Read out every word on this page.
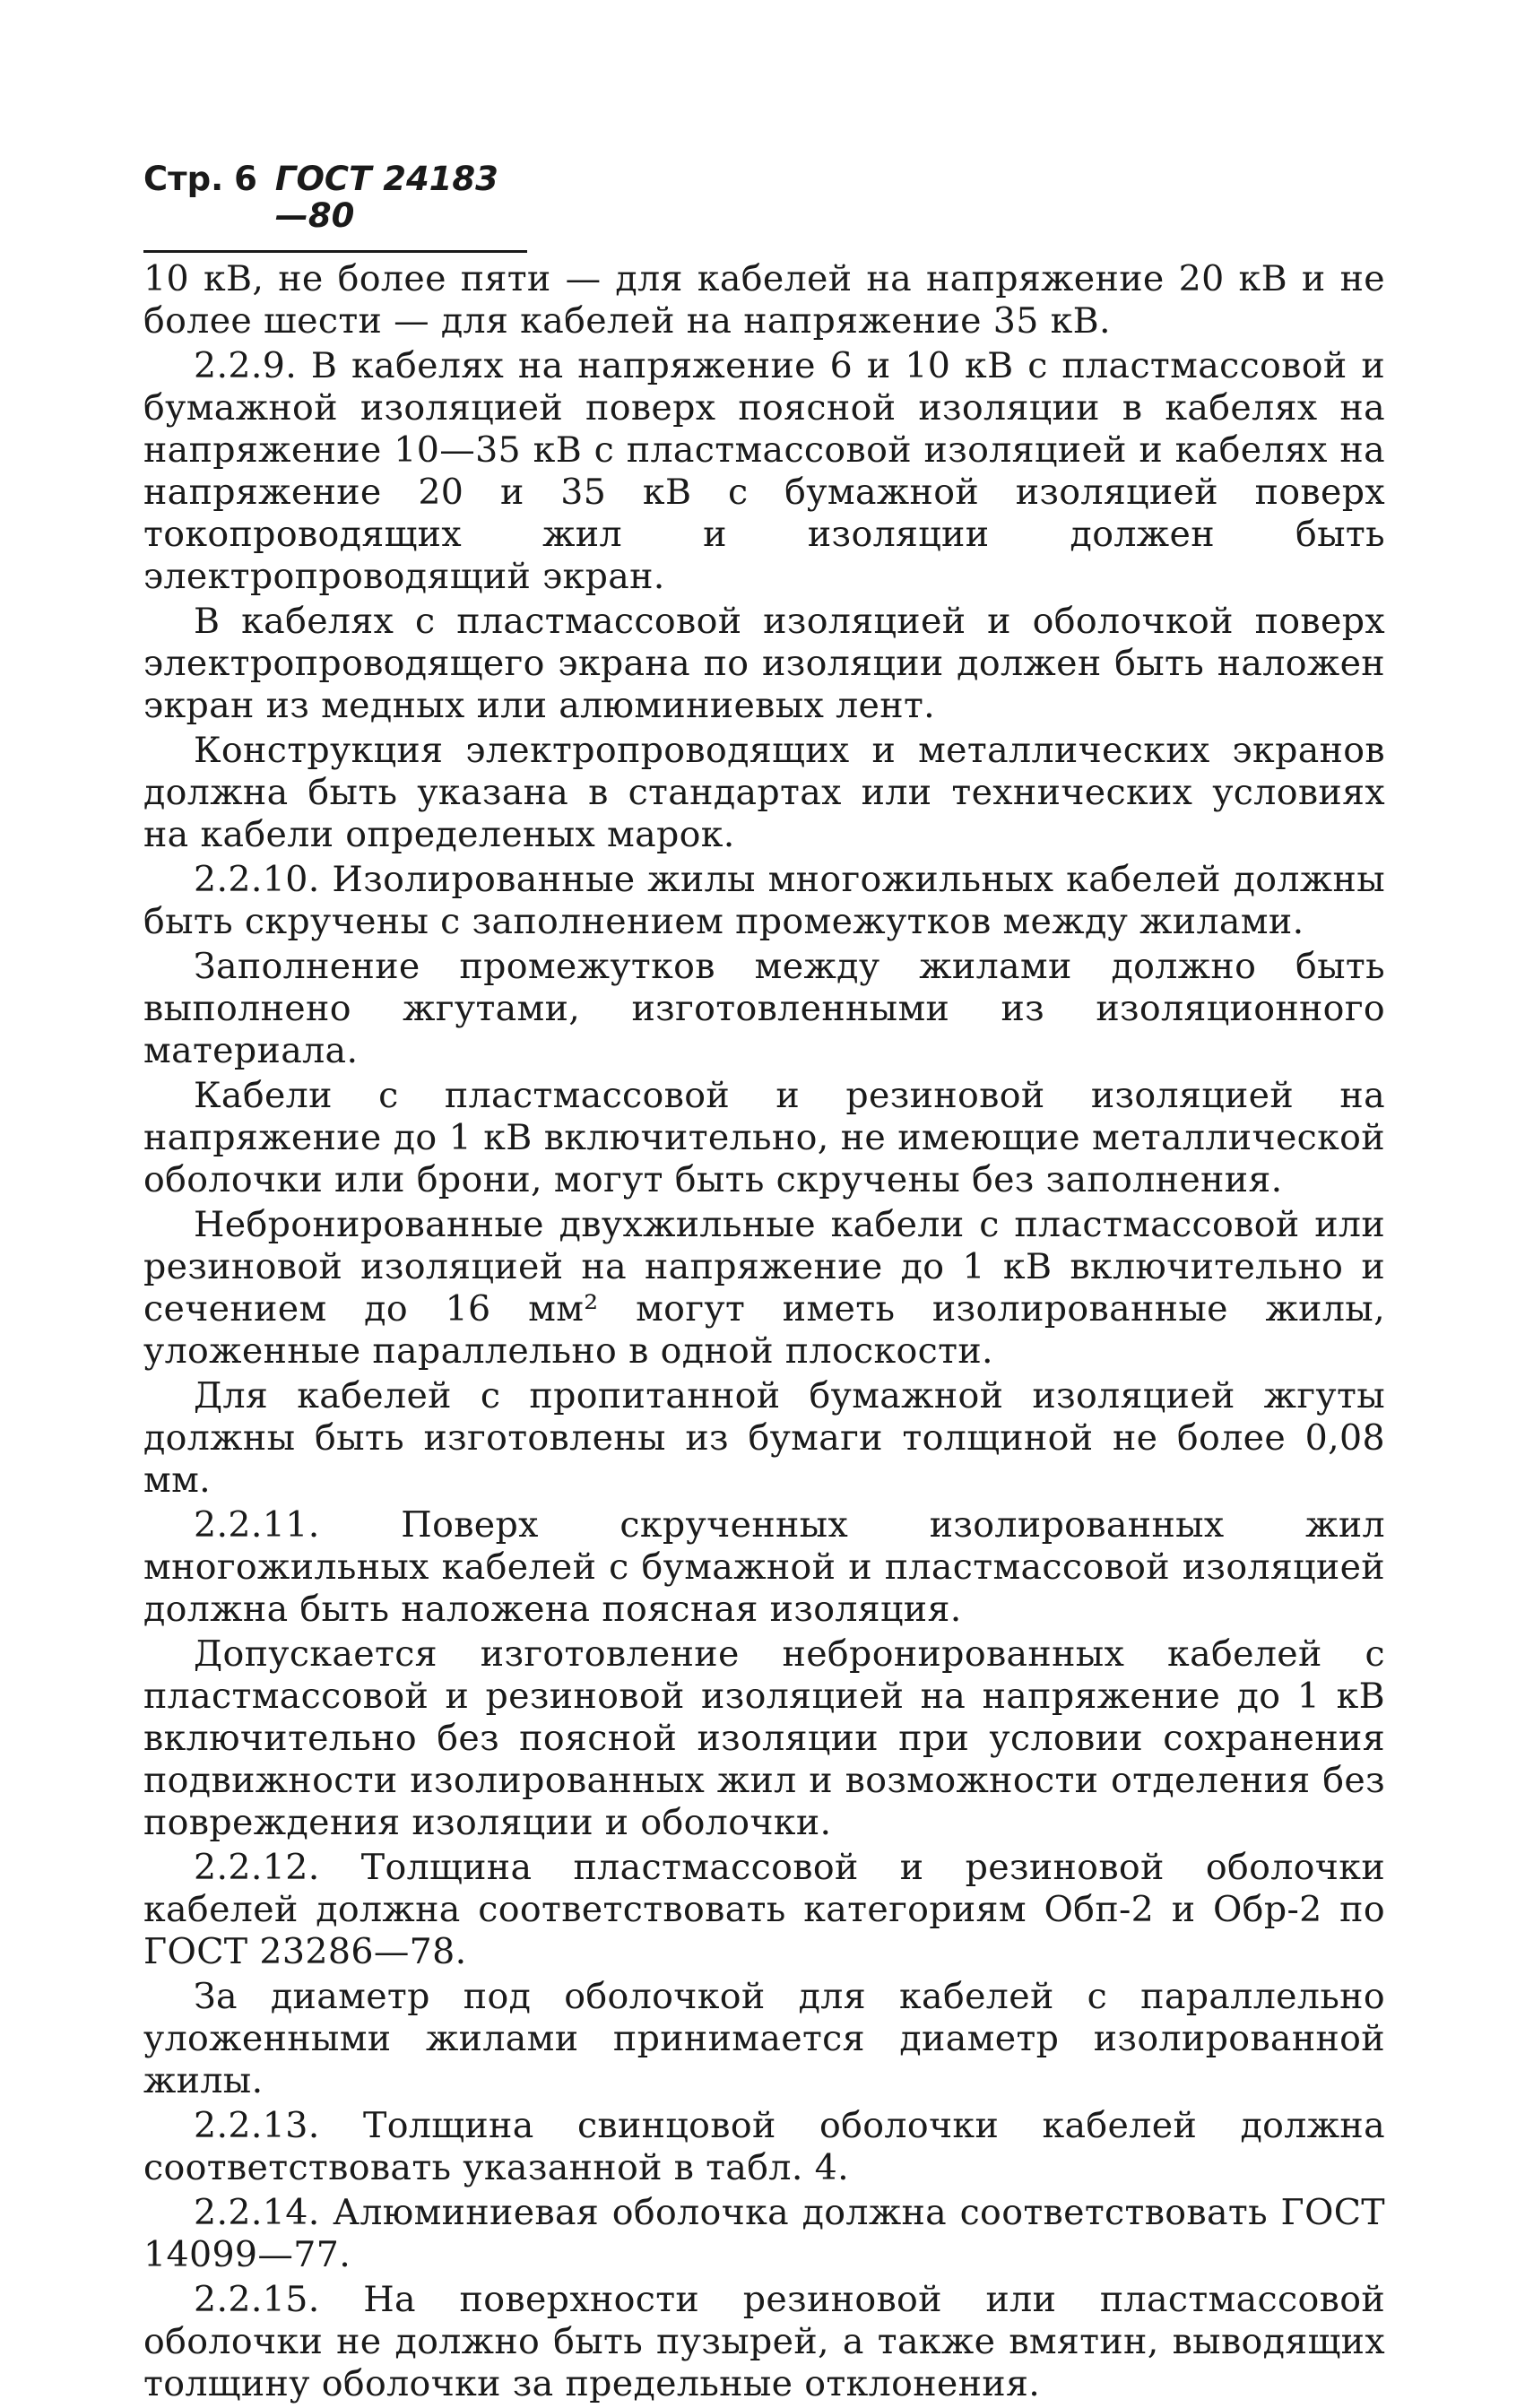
Стр. 6 ГОСТ 24183—80

10 кВ, не более пяти — для кабелей на напряжение 20 кВ и не более шести — для кабелей на напряжение 35 кВ.

2.2.9. В кабелях на напряжение 6 и 10 кВ с пластмассовой и бумажной изоляцией поверх поясной изоляции в кабелях на напряжение 10—35 кВ с пластмассовой изоляцией и кабелях на напряжение 20 и 35 кВ с бумажной изоляцией поверх токопроводящих жил и изоляции должен быть электропроводящий экран.

В кабелях с пластмассовой изоляцией и оболочкой поверх электропроводящего экрана по изоляции должен быть наложен экран из медных или алюминиевых лент.

Конструкция электропроводящих и металлических экранов должна быть указана в стандартах или технических условиях на кабели определеных марок.

2.2.10. Изолированные жилы многожильных кабелей должны быть скручены с заполнением промежутков между жилами.

Заполнение промежутков между жилами должно быть выполнено жгутами, изготовленными из изоляционного материала.

Кабели с пластмассовой и резиновой изоляцией на напряжение до 1 кВ включительно, не имеющие металлической оболочки или брони, могут быть скручены без заполнения.

Небронированные двухжильные кабели с пластмассовой или резиновой изоляцией на напряжение до 1 кВ включительно и сечением до 16 мм² могут иметь изолированные жилы, уложенные параллельно в одной плоскости.

Для кабелей с пропитанной бумажной изоляцией жгуты должны быть изготовлены из бумаги толщиной не более 0,08 мм.

2.2.11. Поверх скрученных изолированных жил многожильных кабелей с бумажной и пластмассовой изоляцией должна быть наложена поясная изоляция.

Допускается изготовление небронированных кабелей с пластмассовой и резиновой изоляцией на напряжение до 1 кВ включительно без поясной изоляции при условии сохранения подвижности изолированных жил и возможности отделения без повреждения изоляции и оболочки.

2.2.12. Толщина пластмассовой и резиновой оболочки кабелей должна соответствовать категориям Обп-2 и Обр-2 по ГОСТ 23286—78.

За диаметр под оболочкой для кабелей с параллельно уложенными жилами принимается диаметр изолированной жилы.

2.2.13. Толщина свинцовой оболочки кабелей должна соответствовать указанной в табл. 4.

2.2.14. Алюминиевая оболочка должна соответствовать ГОСТ 14099—77.

2.2.15. На поверхности резиновой или пластмассовой оболочки не должно быть пузырей, а также вмятин, выводящих толщину оболочки за предельные отклонения.
